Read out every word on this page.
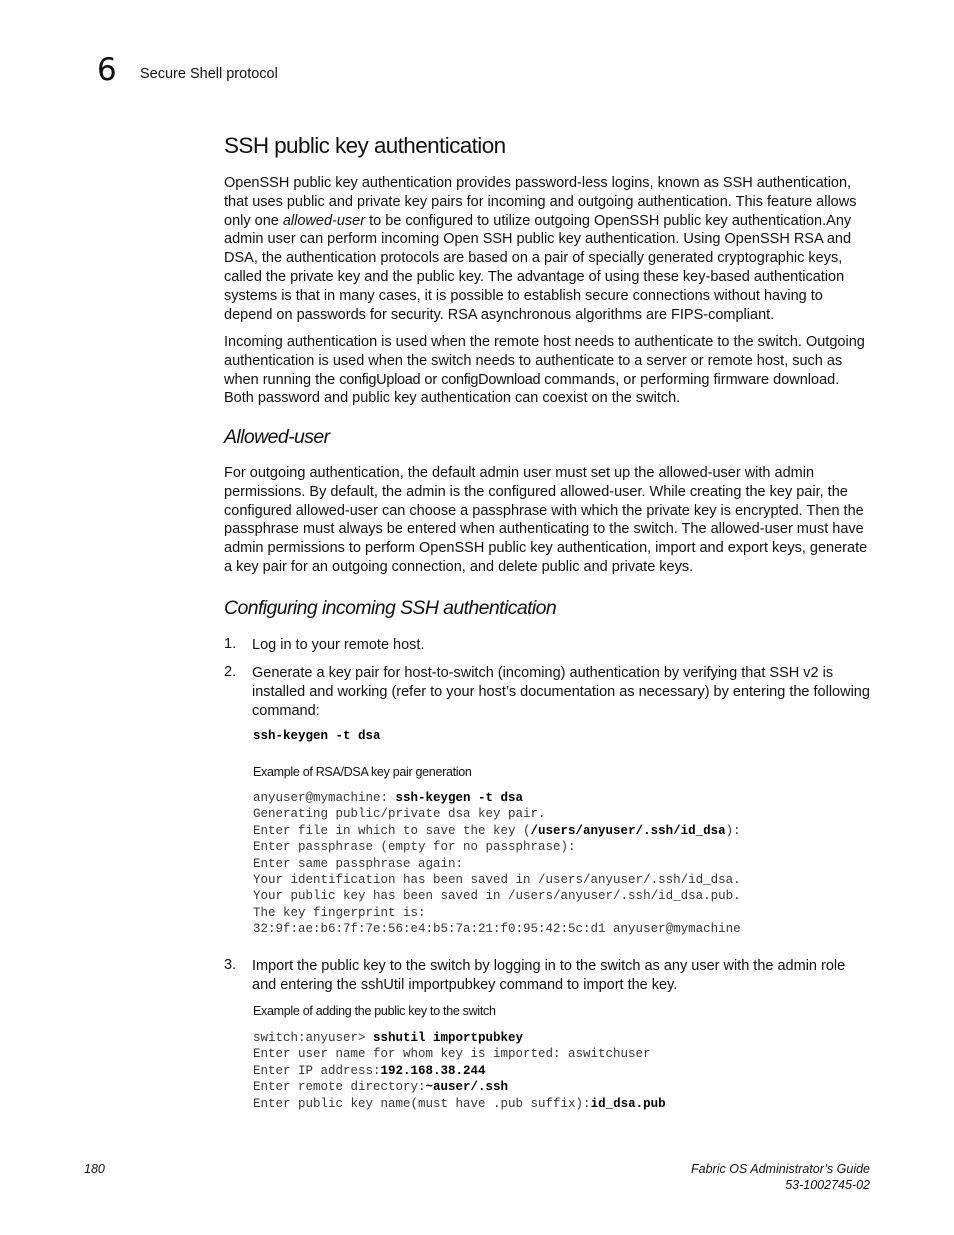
6 Secure Shell protocol
SSH public key authentication
OpenSSH public key authentication provides password-less logins, known as SSH authentication, that uses public and private key pairs for incoming and outgoing authentication. This feature allows only one allowed-user to be configured to utilize outgoing OpenSSH public key authentication.Any admin user can perform incoming Open SSH public key authentication. Using OpenSSH RSA and DSA, the authentication protocols are based on a pair of specially generated cryptographic keys, called the private key and the public key. The advantage of using these key-based authentication systems is that in many cases, it is possible to establish secure connections without having to depend on passwords for security. RSA asynchronous algorithms are FIPS-compliant.
Incoming authentication is used when the remote host needs to authenticate to the switch. Outgoing authentication is used when the switch needs to authenticate to a server or remote host, such as when running the configUpload or configDownload commands, or performing firmware download. Both password and public key authentication can coexist on the switch.
Allowed-user
For outgoing authentication, the default admin user must set up the allowed-user with admin permissions. By default, the admin is the configured allowed-user. While creating the key pair, the configured allowed-user can choose a passphrase with which the private key is encrypted. Then the passphrase must always be entered when authenticating to the switch. The allowed-user must have admin permissions to perform OpenSSH public key authentication, import and export keys, generate a key pair for an outgoing connection, and delete public and private keys.
Configuring incoming SSH authentication
1. Log in to your remote host.
2. Generate a key pair for host-to-switch (incoming) authentication by verifying that SSH v2 is installed and working (refer to your host’s documentation as necessary) by entering the following command:
ssh-keygen -t dsa
Example of RSA/DSA key pair generation
anyuser@mymachine: ssh-keygen -t dsa
Generating public/private dsa key pair.
Enter file in which to save the key (/users/anyuser/.ssh/id_dsa):
Enter passphrase (empty for no passphrase):
Enter same passphrase again:
Your identification has been saved in /users/anyuser/.ssh/id_dsa.
Your public key has been saved in /users/anyuser/.ssh/id_dsa.pub.
The key fingerprint is:
32:9f:ae:b6:7f:7e:56:e4:b5:7a:21:f0:95:42:5c:d1 anyuser@mymachine
3. Import the public key to the switch by logging in to the switch as any user with the admin role and entering the sshUtil importpubkey command to import the key.
Example of adding the public key to the switch
switch:anyuser> sshutil importpubkey
Enter user name for whom key is imported: aswitchuser
Enter IP address:192.168.38.244
Enter remote directory:~auser/.ssh
Enter public key name(must have .pub suffix):id_dsa.pub
180	Fabric OS Administrator’s Guide
53-1002745-02
